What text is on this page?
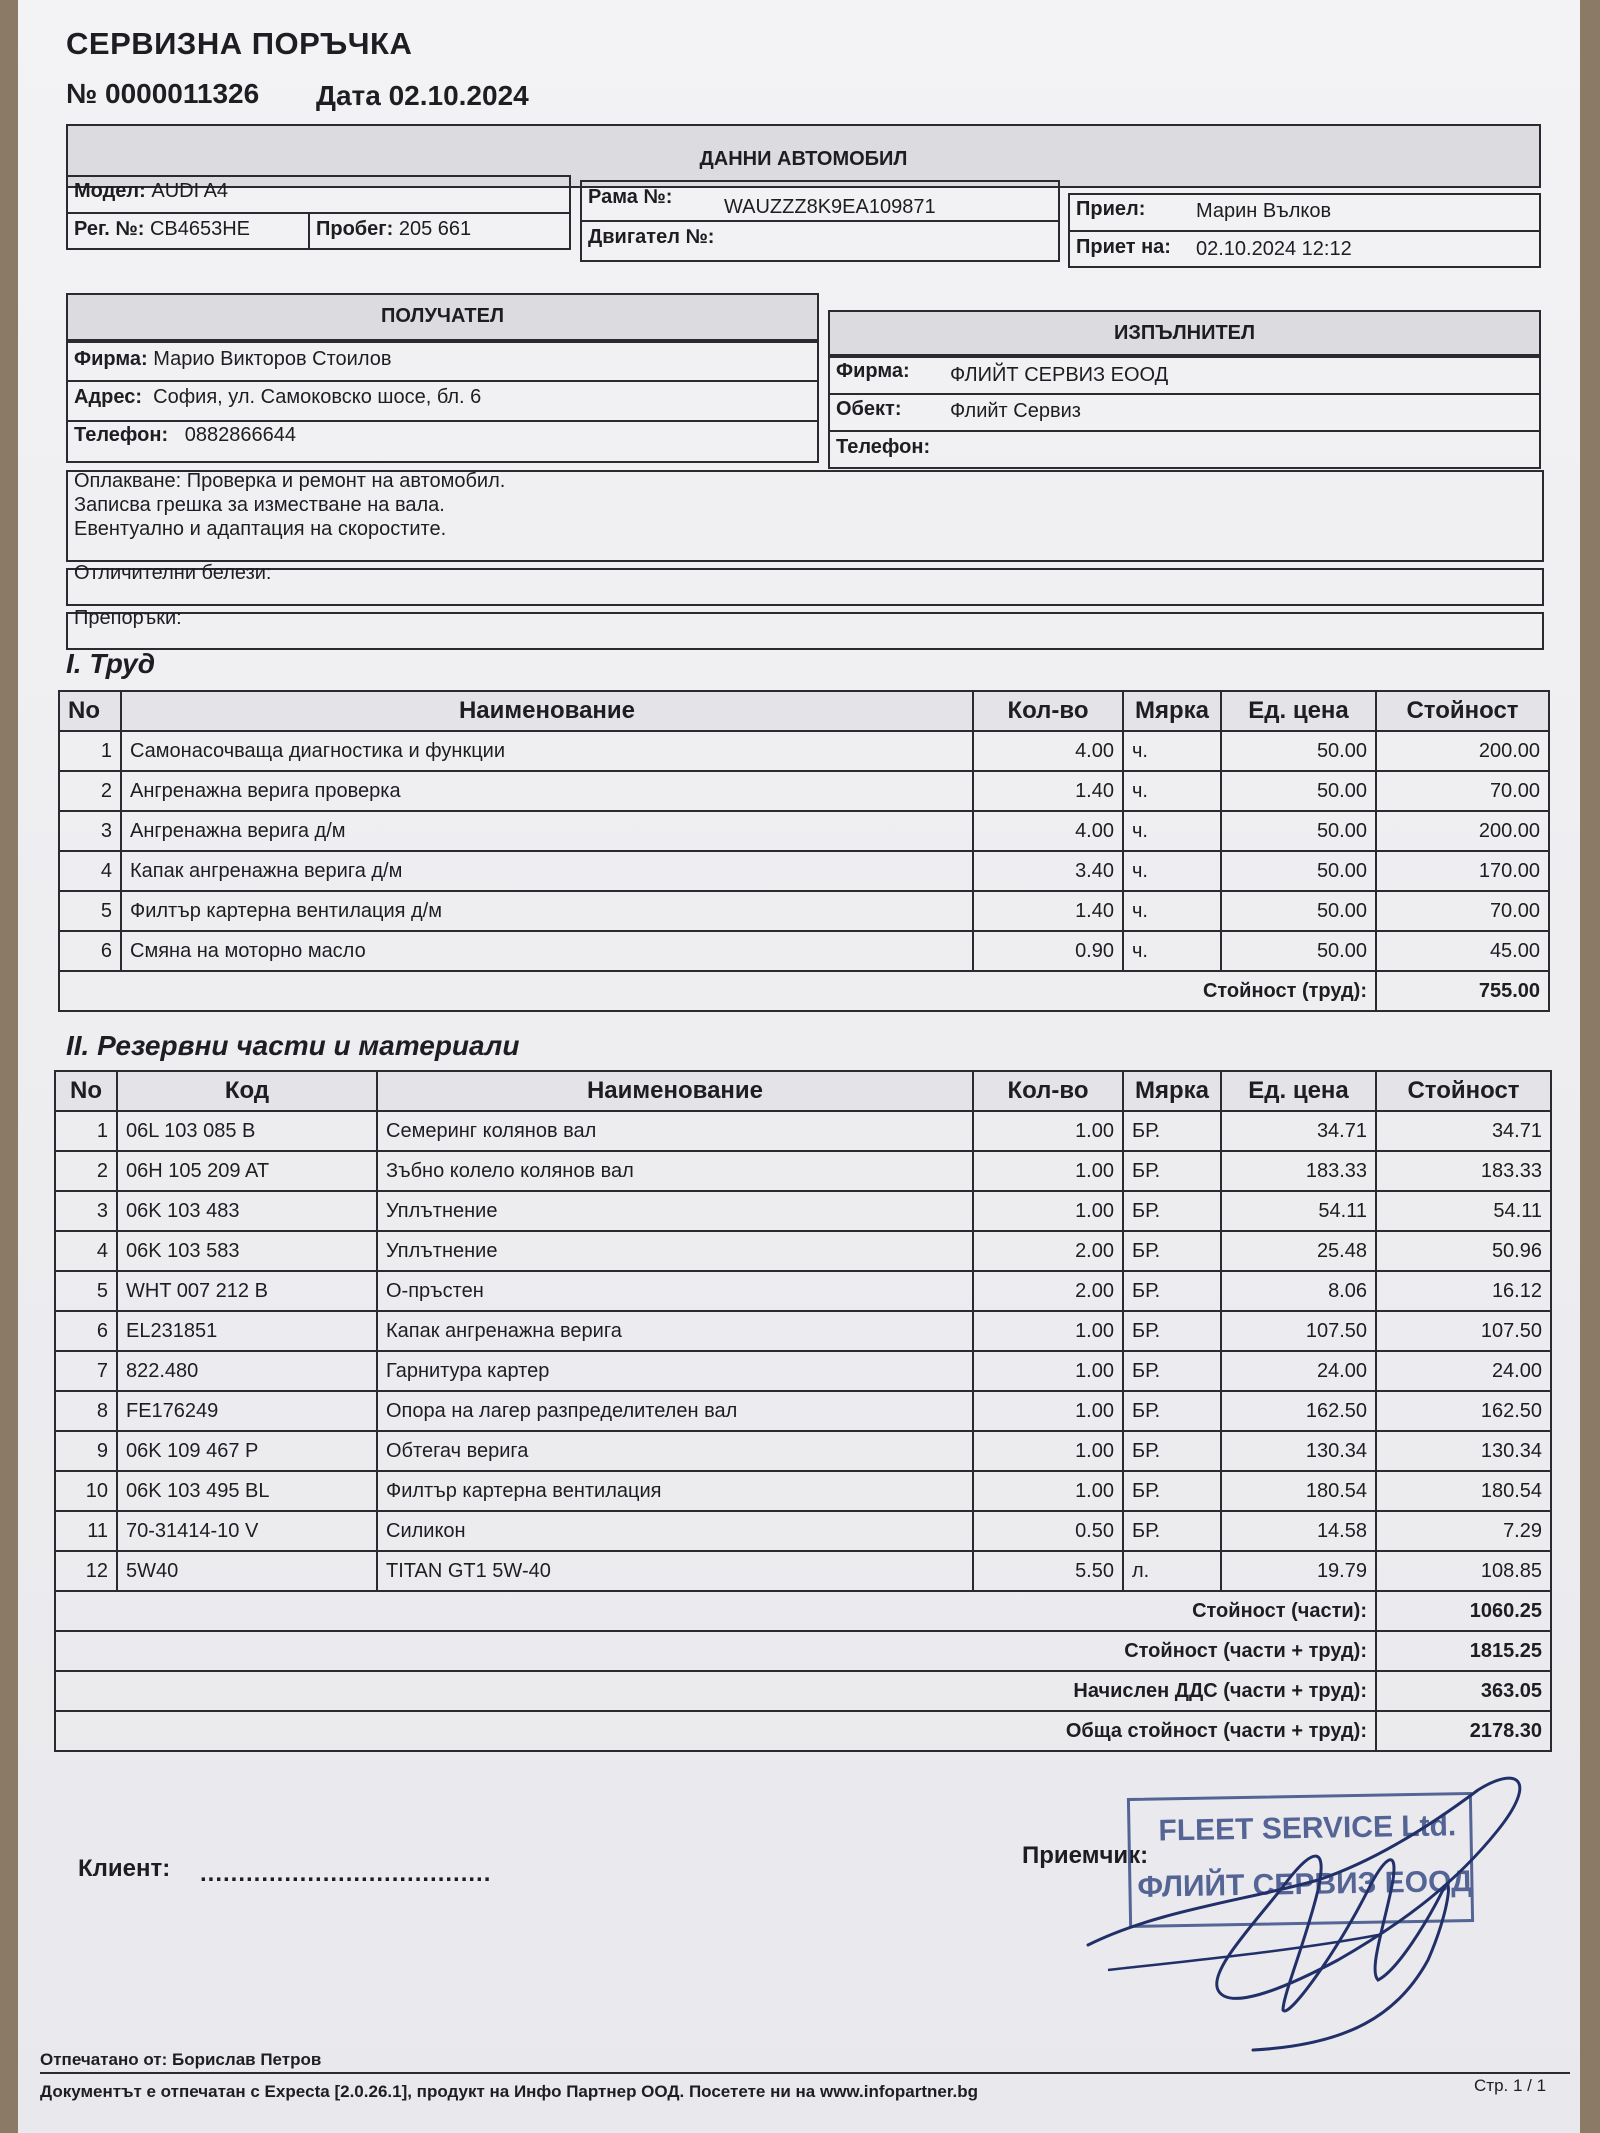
СЕРВИЗНА ПОРЪЧКА
№ 0000011326 Дата 02.10.2024
ДАННИ АВТОМОБИЛ
Модел: AUDI A4
Рег. №: CB4653HE	Пробег: 205 661
Рама №:	WAUZZZ8K9EA109871
Двигател №:
Приел:	Марин Вълков
Приет на: 02.10.2024 12:12
ПОЛУЧАТЕЛ
Фирма: Марио Викторов Стоилов
Адрес: София, ул. Самоковско шосе, бл. 6
Телефон: 0882866644
ИЗПЪЛНИТЕЛ
Фирма: ФЛИЙТ СЕРВИЗ ЕООД
Обект: Флийт Сервиз
Телефон:
Оплакване: Проверка и ремонт на автомобил.
Записва грешка за изместване на вала.
Евентуално и адаптация на скоростите.
Отличителни белези:
Препоръки:
I. Труд
No	Наименование	Кол-во	Мярка	Ед. цена	Стойност
1	Самонасочваща диагностика и функции	4.00	ч.	50.00	200.00
2	Ангренажна верига проверка	1.40	ч.	50.00	70.00
3	Ангренажна верига д/м	4.00	ч.	50.00	200.00
4	Капак ангренажна верига д/м	3.40	ч.	50.00	170.00
5	Филтър картерна вентилация д/м	1.40	ч.	50.00	70.00
6	Смяна на моторно масло	0.90	ч.	50.00	45.00
Стойност (труд):					755.00
II. Резервни части и материали
No	Код	Наименование	Кол-во	Мярка	Ед. цена	Стойност
1	06L 103 085 B	Семеринг колянов вал	1.00	БР.	34.71	34.71
2	06H 105 209 AT	Зъбно колело колянов вал	1.00	БР.	183.33	183.33
3	06K 103 483	Уплътнение	1.00	БР.	54.11	54.11
4	06K 103 583	Уплътнение	2.00	БР.	25.48	50.96
5	WHT 007 212 B	О-пръстен	2.00	БР.	8.06	16.12
6	EL231851	Капак ангренажна верига	1.00	БР.	107.50	107.50
7	822.480	Гарнитура картер	1.00	БР.	24.00	24.00
8	FE176249	Опора на лагер разпределителен вал	1.00	БР.	162.50	162.50
9	06K 109 467 P	Обтегач верига	1.00	БР.	130.34	130.34
10	06K 103 495 BL	Филтър картерна вентилация	1.00	БР.	180.54	180.54
11	70-31414-10 V	Силикон	0.50	БР.	14.58	7.29
12	5W40	TITAN GT1 5W-40	5.50	л.	19.79	108.85
Стойност (части):						1060.25
Стойност (части + труд):						1815.25
Начислен ДДС (части + труд):						363.05
Обща стойност (части + труд):						2178.30
Клиент: ......................................
Приемчик:
FLEET SERVICE Ltd.
ФЛИЙТ СЕРВИЗ ЕООД
Отпечатано от: Борислав Петров
Документът е отпечатан с Expecta [2.0.26.1], продукт на Инфо Партнер ООД. Посетете ни на www.infopartner.bg	Стр. 1 / 1
